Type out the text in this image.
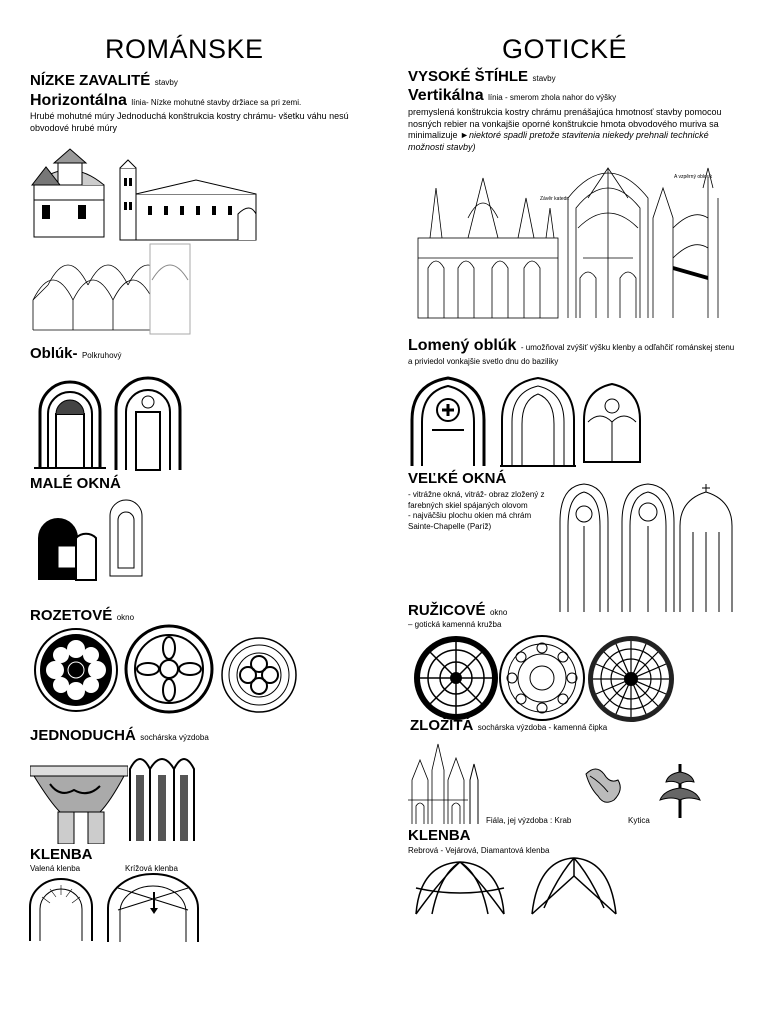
ROMÁNSKE	GOTICKÉ
NÍZKE ZAVALITÉ stavby
Horizontálna línia- Nízke mohutné stavby držiace sa pri zemi.
Hrubé mohutné múry Jednoduchá konštrukcia kostry chrámu- všetku váhu nesú obvodové hrubé múry
Oblúk- Polkruhový
MALÉ OKNÁ
ROZETOVÉ okno
JEDNODUCHÁ sochárska výzdoba
KLENBA
Valená klenba	Krížová klenba
VYSOKÉ ŠTÍHLE stavby
Vertikálna línia - smerom zhola nahor do výšky
premyslená konštrukcia kostry chrámu prenášajúca hmotnosť stavby pomocou nosných rebier na vonkajšie oporné konštrukcie hmota obvodového muriva sa minimalizuje ►niektoré spadli pretože stavitenia niekedy prehnali technické možnosti stavby)
Závěr katedr.
A vzpěrný oblouk
Lomený oblúk - umožňoval zvýšiť výšku klenby a odľahčiť románskej stenu a priviedol vonkajšie svetlo dnu do baziliky
VEĽKÉ OKNÁ
- vitrážne okná, vitráž- obraz zložený z farebných skiel spájaných olovom
- najväčšiu plochu okien má chrám Sainte-Chapelle (Paríž)
RUŽICOVÉ okno
– gotická kamenná kružba
ZLOŽITÁ sochárska výzdoba - kamenná čipka
Fiála, jej výzdoba : Krab	Kytica
KLENBA
Rebrová - Vejárová, Diamantová klenba
